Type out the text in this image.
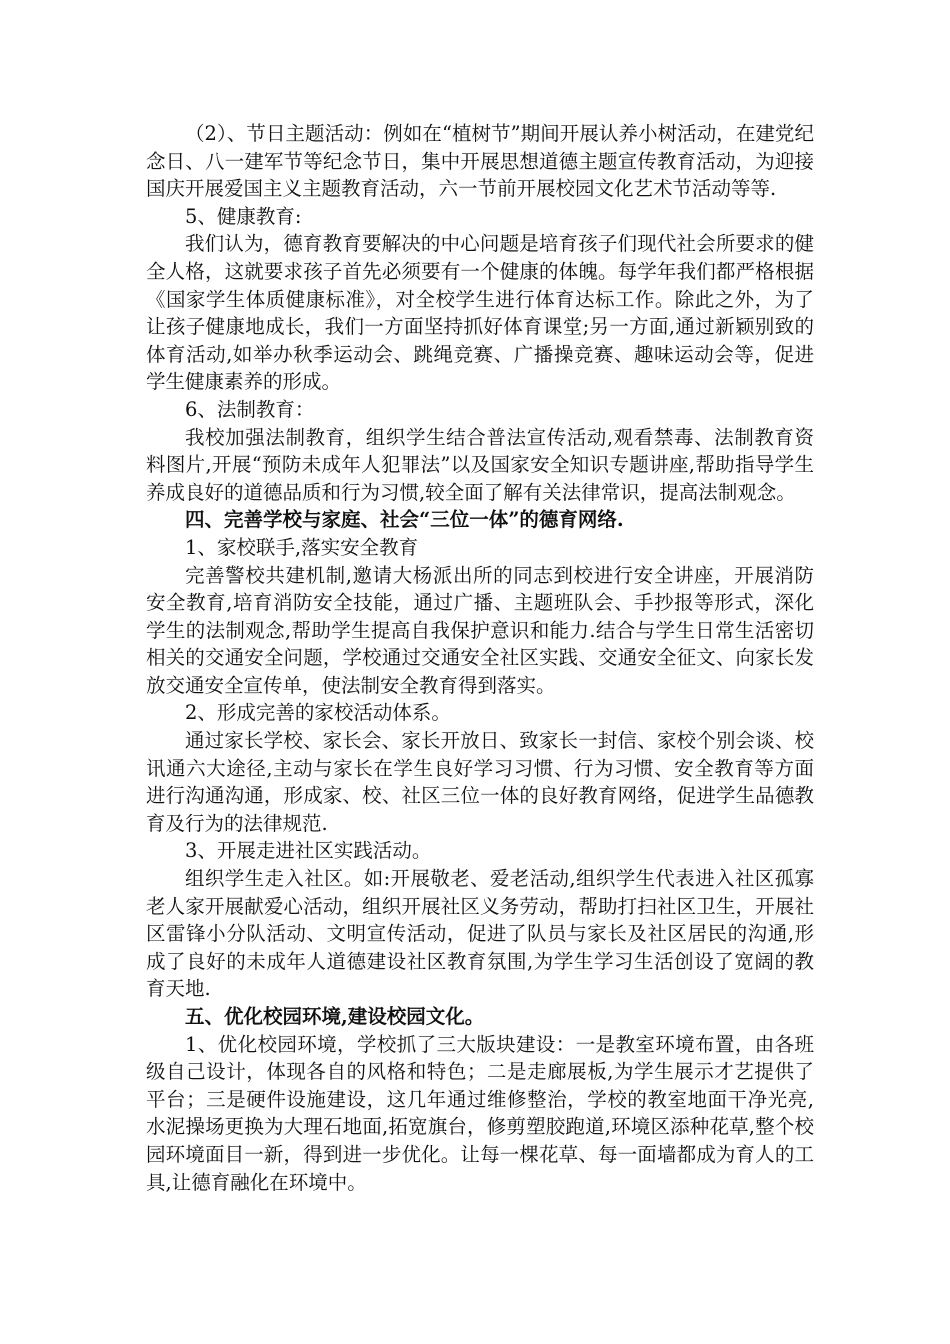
（2）、节日主题活动：例如在“植树节”期间开展认养小树活动，在建党纪念日、八一建军节等纪念节日，集中开展思想道德主题宣传教育活动，为迎接国庆开展爱国主义主题教育活动，六一节前开展校园文化艺术节活动等等.

5、健康教育:

我们认为，德育教育要解决的中心问题是培育孩子们现代社会所要求的健全人格，这就要求孩子首先必须要有一个健康的体魄。每学年我们都严格根据《国家学生体质健康标准》，对全校学生进行体育达标工作。除此之外，为了让孩子健康地成长，我们一方面坚持抓好体育课堂;另一方面,通过新颖别致的体育活动,如举办秋季运动会、跳绳竞赛、广播操竞赛、趣味运动会等，促进学生健康素养的形成。

6、法制教育：

我校加强法制教育，组织学生结合普法宣传活动,观看禁毒、法制教育资料图片,开展“预防未成年人犯罪法”以及国家安全知识专题讲座,帮助指导学生养成良好的道德品质和行为习惯,较全面了解有关法律常识，提高法制观念。

四、完善学校与家庭、社会“三位一体”的德育网络.

1、家校联手,落实安全教育

完善警校共建机制,邀请大杨派出所的同志到校进行安全讲座，开展消防安全教育,培育消防安全技能，通过广播、主题班队会、手抄报等形式，深化学生的法制观念,帮助学生提高自我保护意识和能力.结合与学生日常生活密切相关的交通安全问题，学校通过交通安全社区实践、交通安全征文、向家长发放交通安全宣传单，使法制安全教育得到落实。

2、形成完善的家校活动体系。

通过家长学校、家长会、家长开放日、致家长一封信、家校个别会谈、校讯通六大途径,主动与家长在学生良好学习习惯、行为习惯、安全教育等方面进行沟通沟通，形成家、校、社区三位一体的良好教育网络，促进学生品德教育及行为的法律规范.

3、开展走进社区实践活动。

组织学生走入社区。如:开展敬老、爱老活动,组织学生代表进入社区孤寡老人家开展献爱心活动，组织开展社区义务劳动，帮助打扫社区卫生，开展社区雷锋小分队活动、文明宣传活动，促进了队员与家长及社区居民的沟通,形成了良好的未成年人道德建设社区教育氛围,为学生学习生活创设了宽阔的教育天地.

五、优化校园环境,建设校园文化。

1、优化校园环境，学校抓了三大版块建设：一是教室环境布置，由各班级自己设计，体现各自的风格和特色；二是走廊展板,为学生展示才艺提供了平台；三是硬件设施建设，这几年通过维修整治，学校的教室地面干净光亮,水泥操场更换为大理石地面,拓宽旗台，修剪塑胶跑道,环境区添种花草,整个校园环境面目一新，得到进一步优化。让每一棵花草、每一面墙都成为育人的工具,让德育融化在环境中。
